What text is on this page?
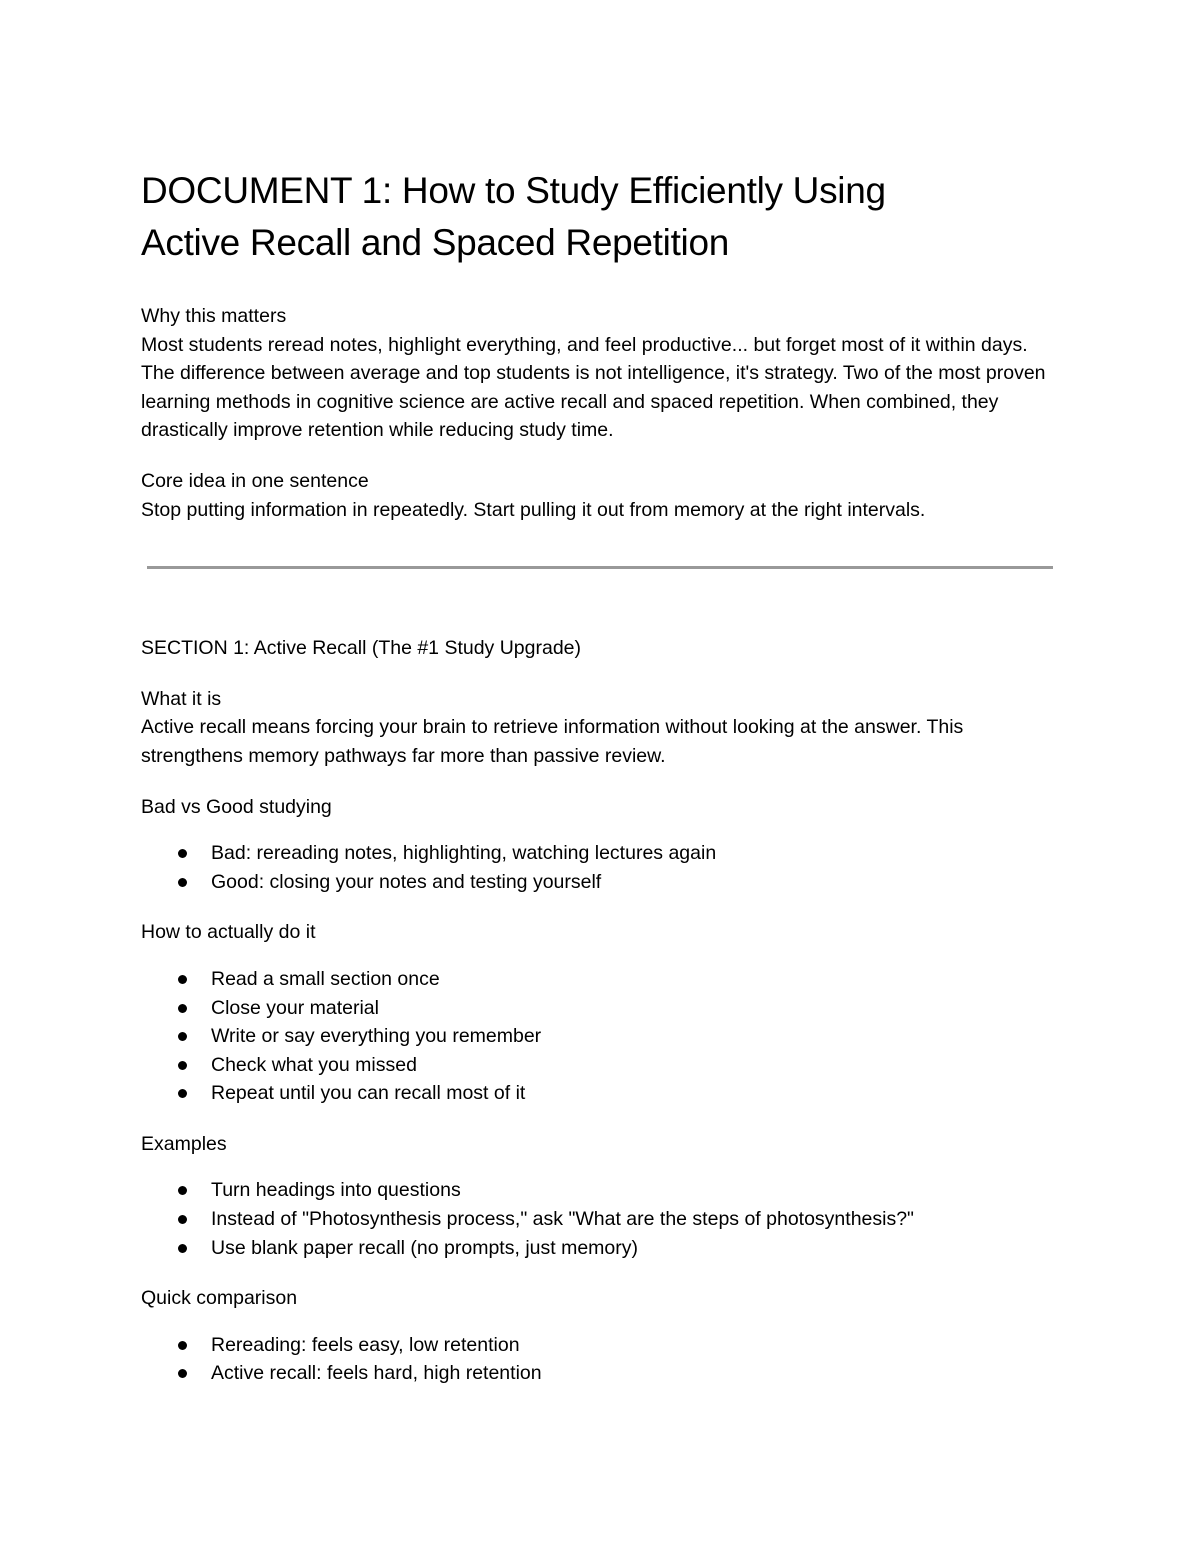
DOCUMENT 1: How to Study Efficiently Using
Active Recall and Spaced Repetition

Why this matters

Most students reread notes, highlight everything, and feel productive... but forget most of it within days. The difference between average and top students is not intelligence, it's strategy. Two of the most proven learning methods in cognitive science are active recall and spaced repetition. When combined, they drastically improve retention while reducing study time.

Core idea in one sentence

Stop putting information in repeatedly. Start pulling it out from memory at the right intervals.

SECTION 1: Active Recall (The #1 Study Upgrade)

What it is

Active recall means forcing your brain to retrieve information without looking at the answer. This strengthens memory pathways far more than passive review.

Bad vs Good studying

Bad: rereading notes, highlighting, watching lectures again
Good: closing your notes and testing yourself

How to actually do it

Read a small section once
Close your material
Write or say everything you remember
Check what you missed
Repeat until you can recall most of it

Examples

Turn headings into questions
Instead of "Photosynthesis process," ask "What are the steps of photosynthesis?"
Use blank paper recall (no prompts, just memory)

Quick comparison

Rereading: feels easy, low retention
Active recall: feels hard, high retention
